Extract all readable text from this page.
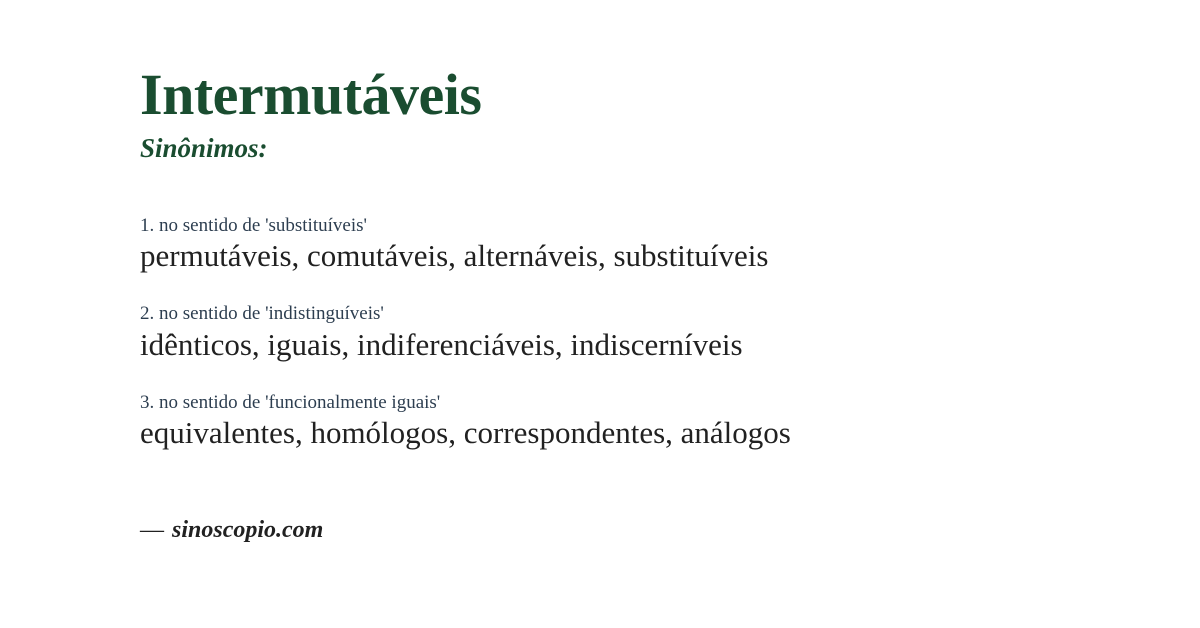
Intermutáveis
Sinônimos:
1. no sentido de 'substituíveis'
permutáveis, comutáveis, alternáveis, substituíveis
2. no sentido de 'indistinguíveis'
idênticos, iguais, indiferenciáveis, indiscerníveis
3. no sentido de 'funcionalmente iguais'
equivalentes, homólogos, correspondentes, análogos
— sinoscopio.com
